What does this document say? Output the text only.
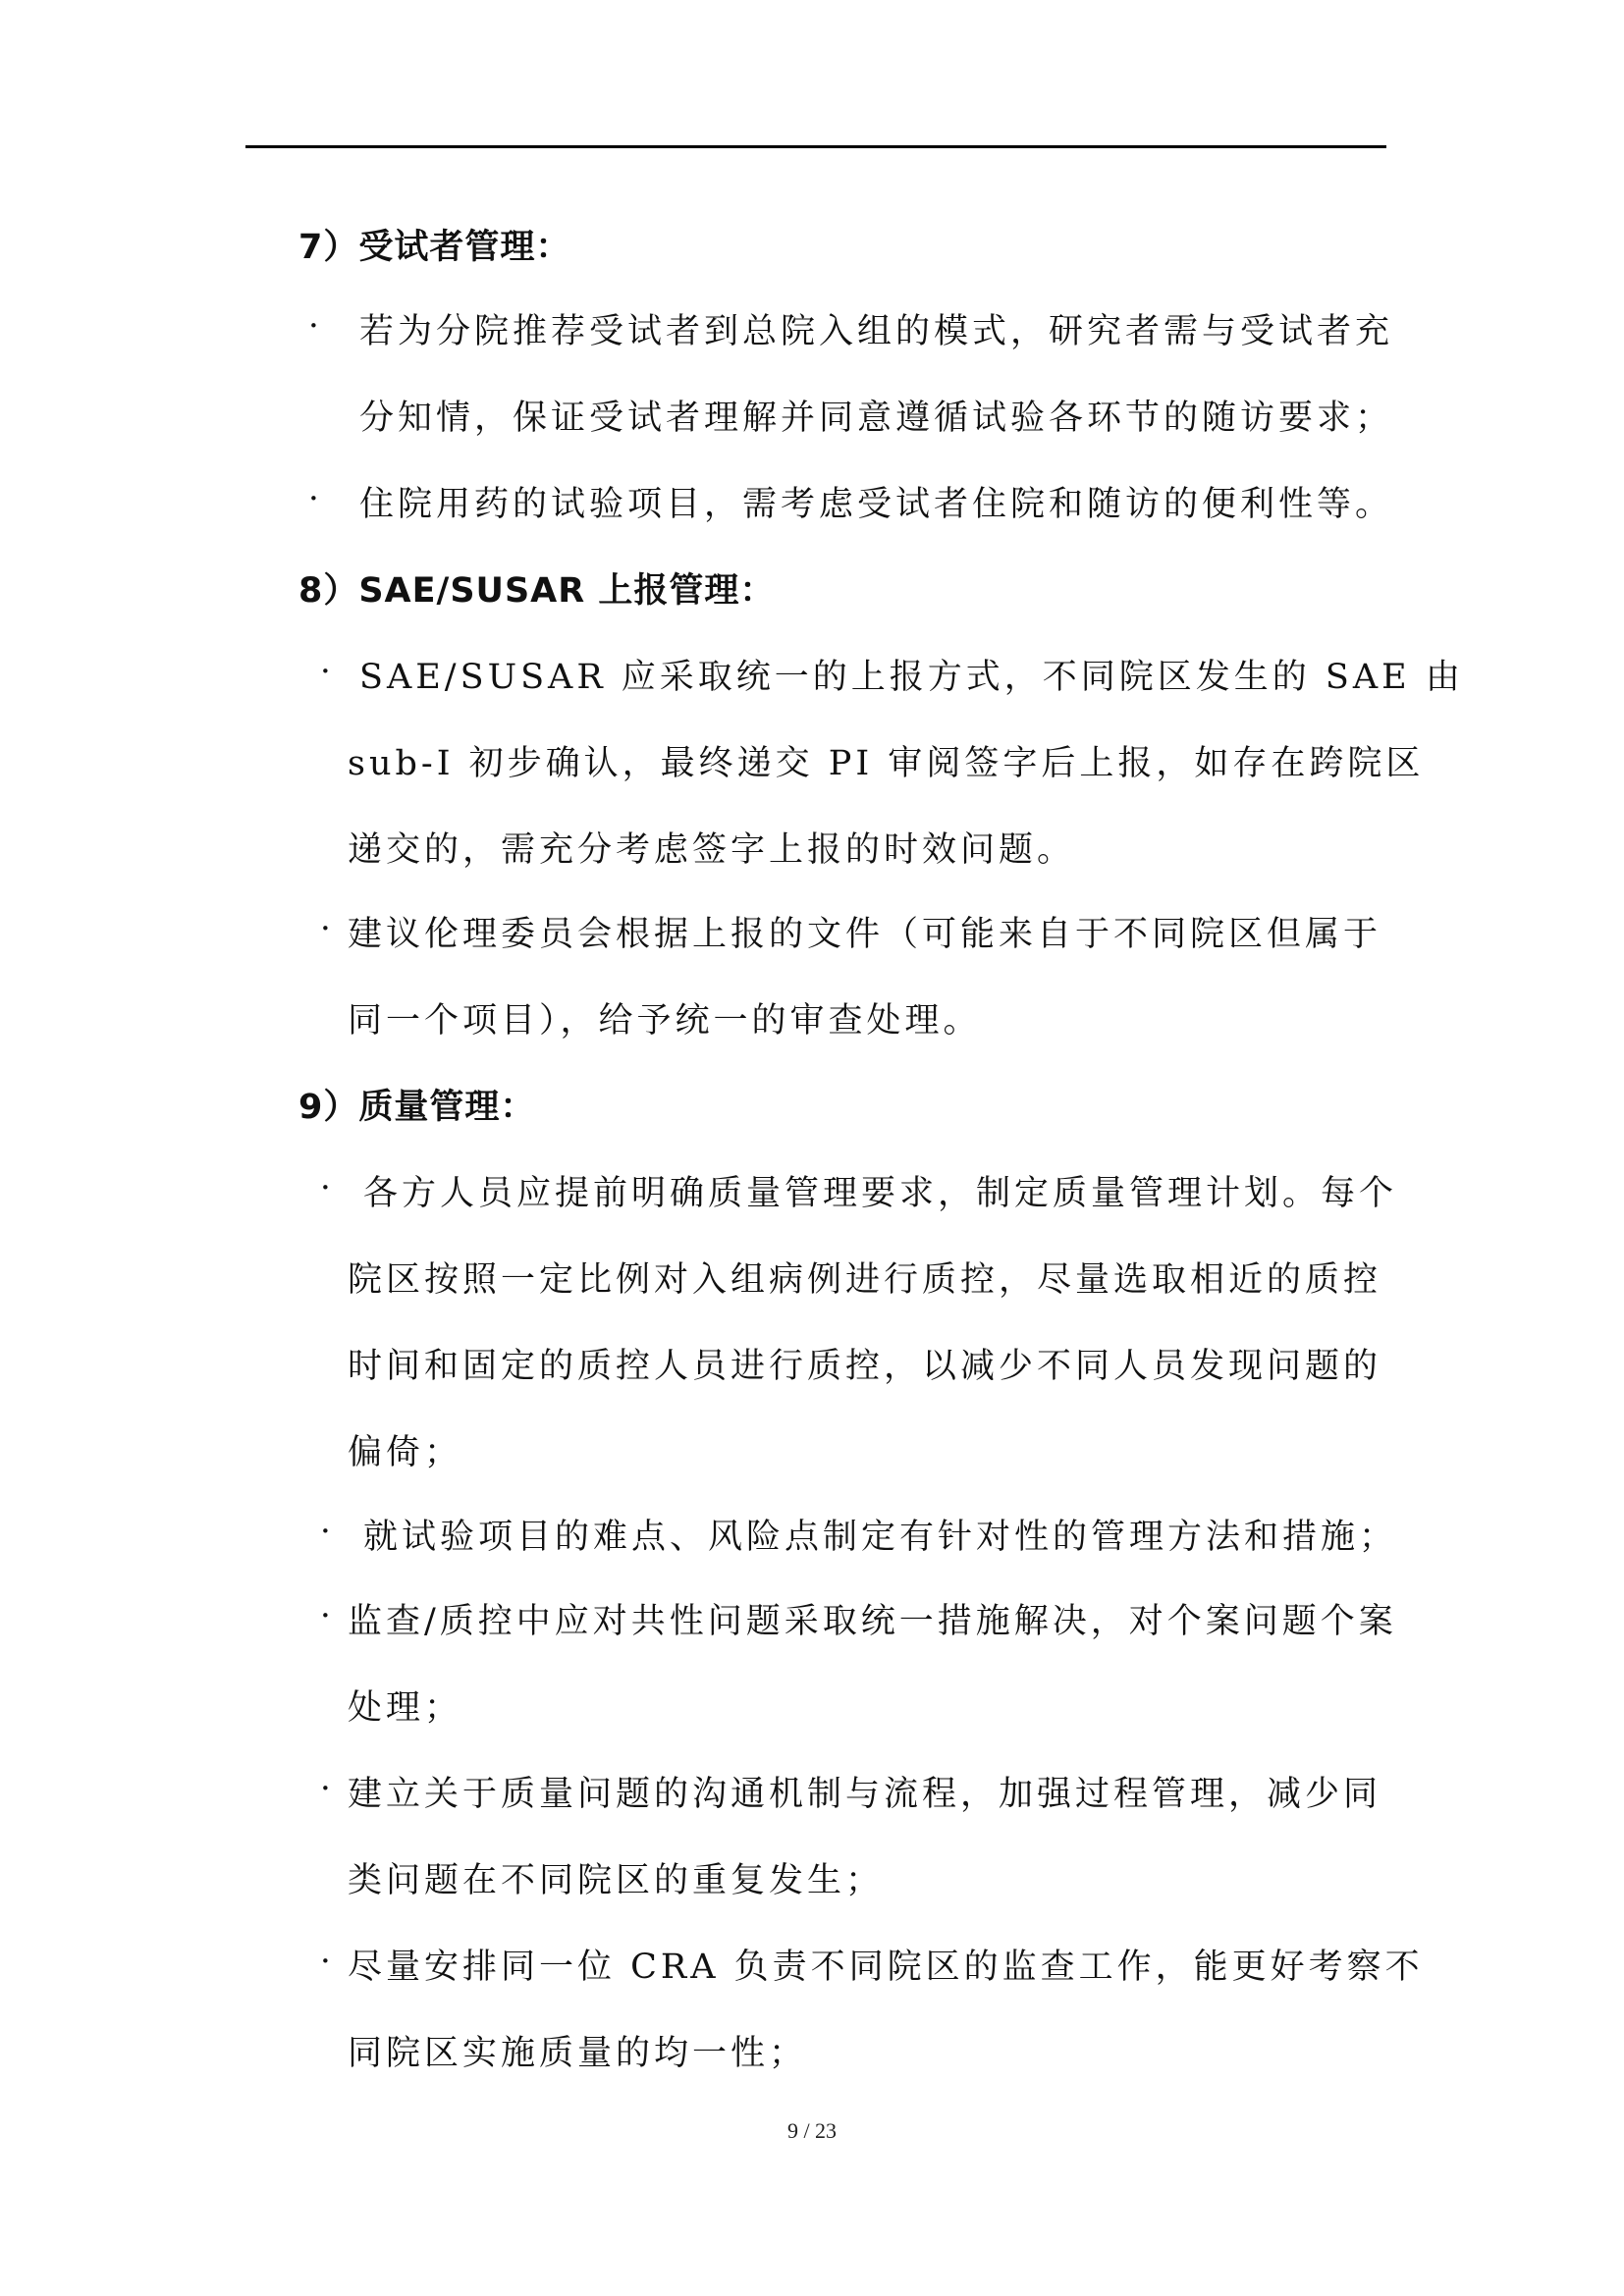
7）受试者管理：
· 若为分院推荐受试者到总院入组的模式，研究者需与受试者充
分知情，保证受试者理解并同意遵循试验各环节的随访要求；
· 住院用药的试验项目，需考虑受试者住院和随访的便利性等。
8）SAE/SUSAR 上报管理：
· SAE/SUSAR 应采取统一的上报方式，不同院区发生的 SAE 由
sub-I 初步确认，最终递交 PI 审阅签字后上报，如存在跨院区
递交的，需充分考虑签字上报的时效问题。
· 建议伦理委员会根据上报的文件（可能来自于不同院区但属于
同一个项目），给予统一的审查处理。
9）质量管理：
· 各方人员应提前明确质量管理要求，制定质量管理计划。每个
院区按照一定比例对入组病例进行质控，尽量选取相近的质控
时间和固定的质控人员进行质控，以减少不同人员发现问题的
偏倚；
· 就试验项目的难点、风险点制定有针对性的管理方法和措施；
· 监查/质控中应对共性问题采取统一措施解决，对个案问题个案
处理；
· 建立关于质量问题的沟通机制与流程，加强过程管理，减少同
类问题在不同院区的重复发生；
· 尽量安排同一位 CRA 负责不同院区的监查工作，能更好考察不
同院区实施质量的均一性；
9 / 23
